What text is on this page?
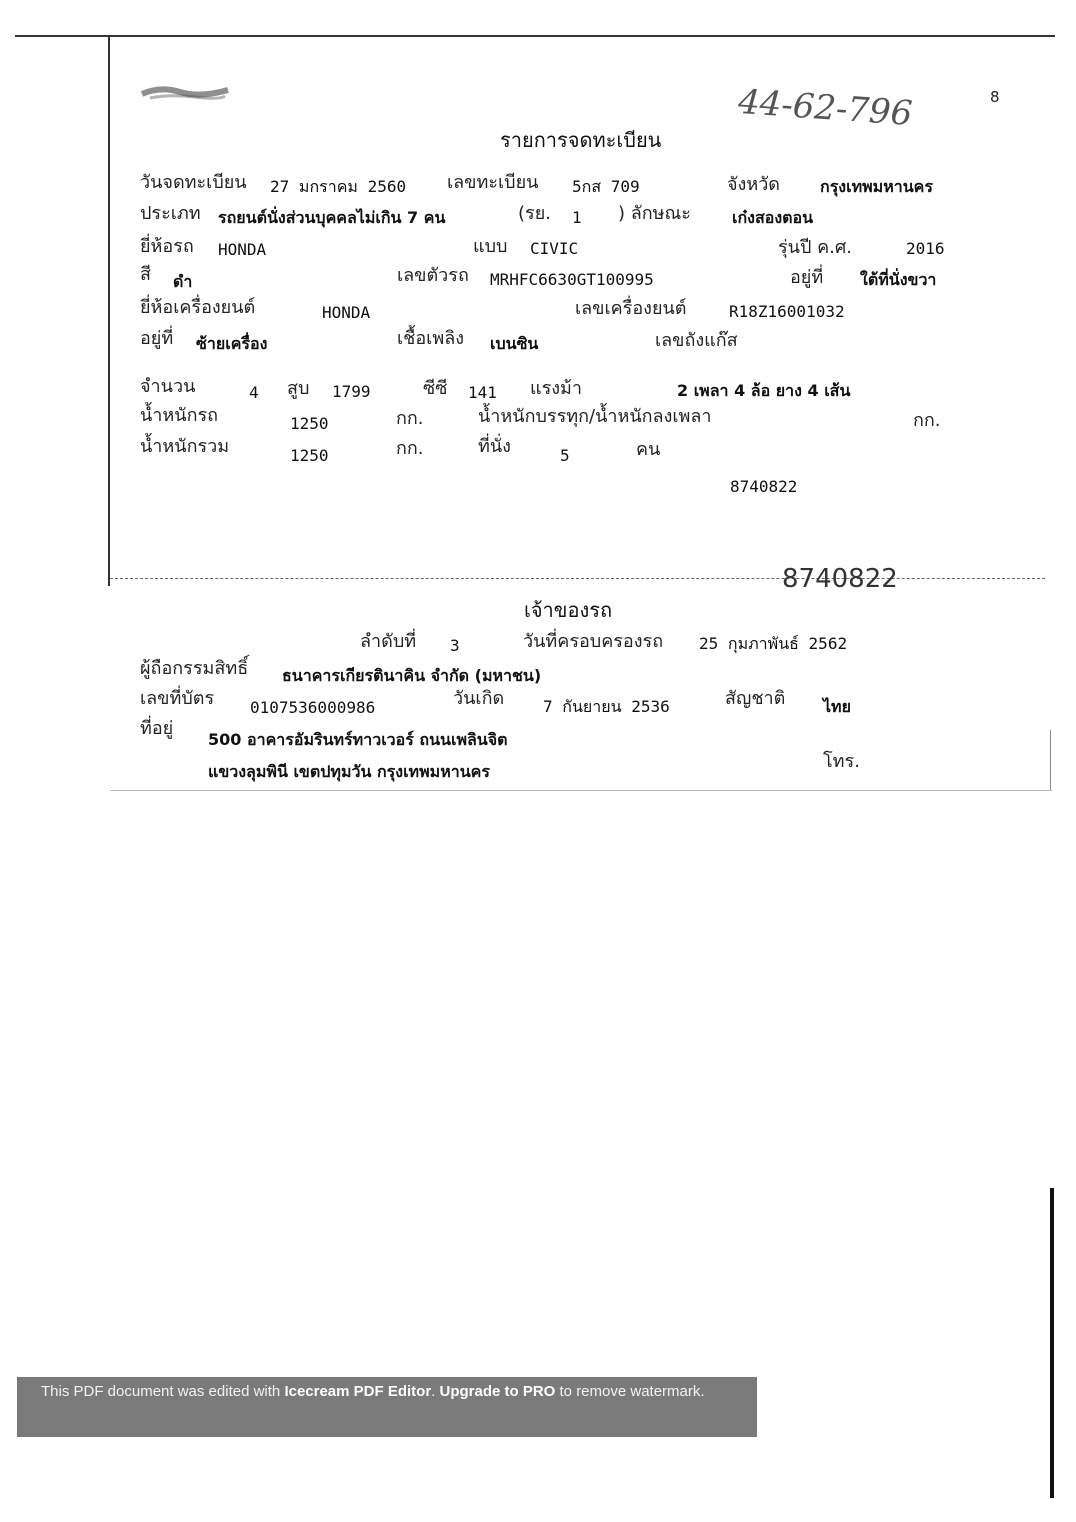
8
44-62-796
รายการจดทะเบียน
วันจดทะเบียน 27 มกราคม 2560 เลขทะเบียน 5กส 709	จังหวัด	กรุงเทพมหานคร
ประเภท รถยนต์นั่งส่วนบุคคลไม่เกิน 7 คน	(รย. 1 ) ลักษณะ	เก๋งสองตอน
ยี่ห้อรถ HONDA	แบบ CIVIC	รุ่นปี ค.ศ.	2016
สี ดำ	เลขตัวรถ MRHFC6630GT100995	อยู่ที่ ใต้ที่นั่งขวา
ยี่ห้อเครื่องยนต์	HONDA	เลขเครื่องยนต์	R18Z16001032
อยู่ที่ ซ้ายเครื่อง	เชื้อเพลิง เบนซิน	เลขถังแก๊ส
จำนวน	4 สูบ 1799	ซีซี 141 แรงม้า	2 เพลา 4 ล้อ ยาง 4 เส้น
น้ำหนักรถ	1250	กก.	น้ำหนักบรรทุก/น้ำหนักลงเพลา	กก.
น้ำหนักรวม	1250	กก.	ที่นั่ง	5	คน
8740822
8740822
เจ้าของรถ
ลำดับที่ 3	วันที่ครอบครองรถ 25 กุมภาพันธ์ 2562
ผู้ถือกรรมสิทธิ์ ธนาคารเกียรตินาคิน จำกัด (มหาชน)
เลขที่บัตร 0107536000986	วันเกิด 7 กันยายน 2536	สัญชาติ ไทย
ที่อยู่
500 อาคารอัมรินทร์ทาวเวอร์ ถนนเพลินจิต
แขวงลุมพินี เขตปทุมวัน กรุงเทพมหานคร	โทร.
This PDF document was edited with Icecream PDF Editor. Upgrade to PRO to remove watermark.
